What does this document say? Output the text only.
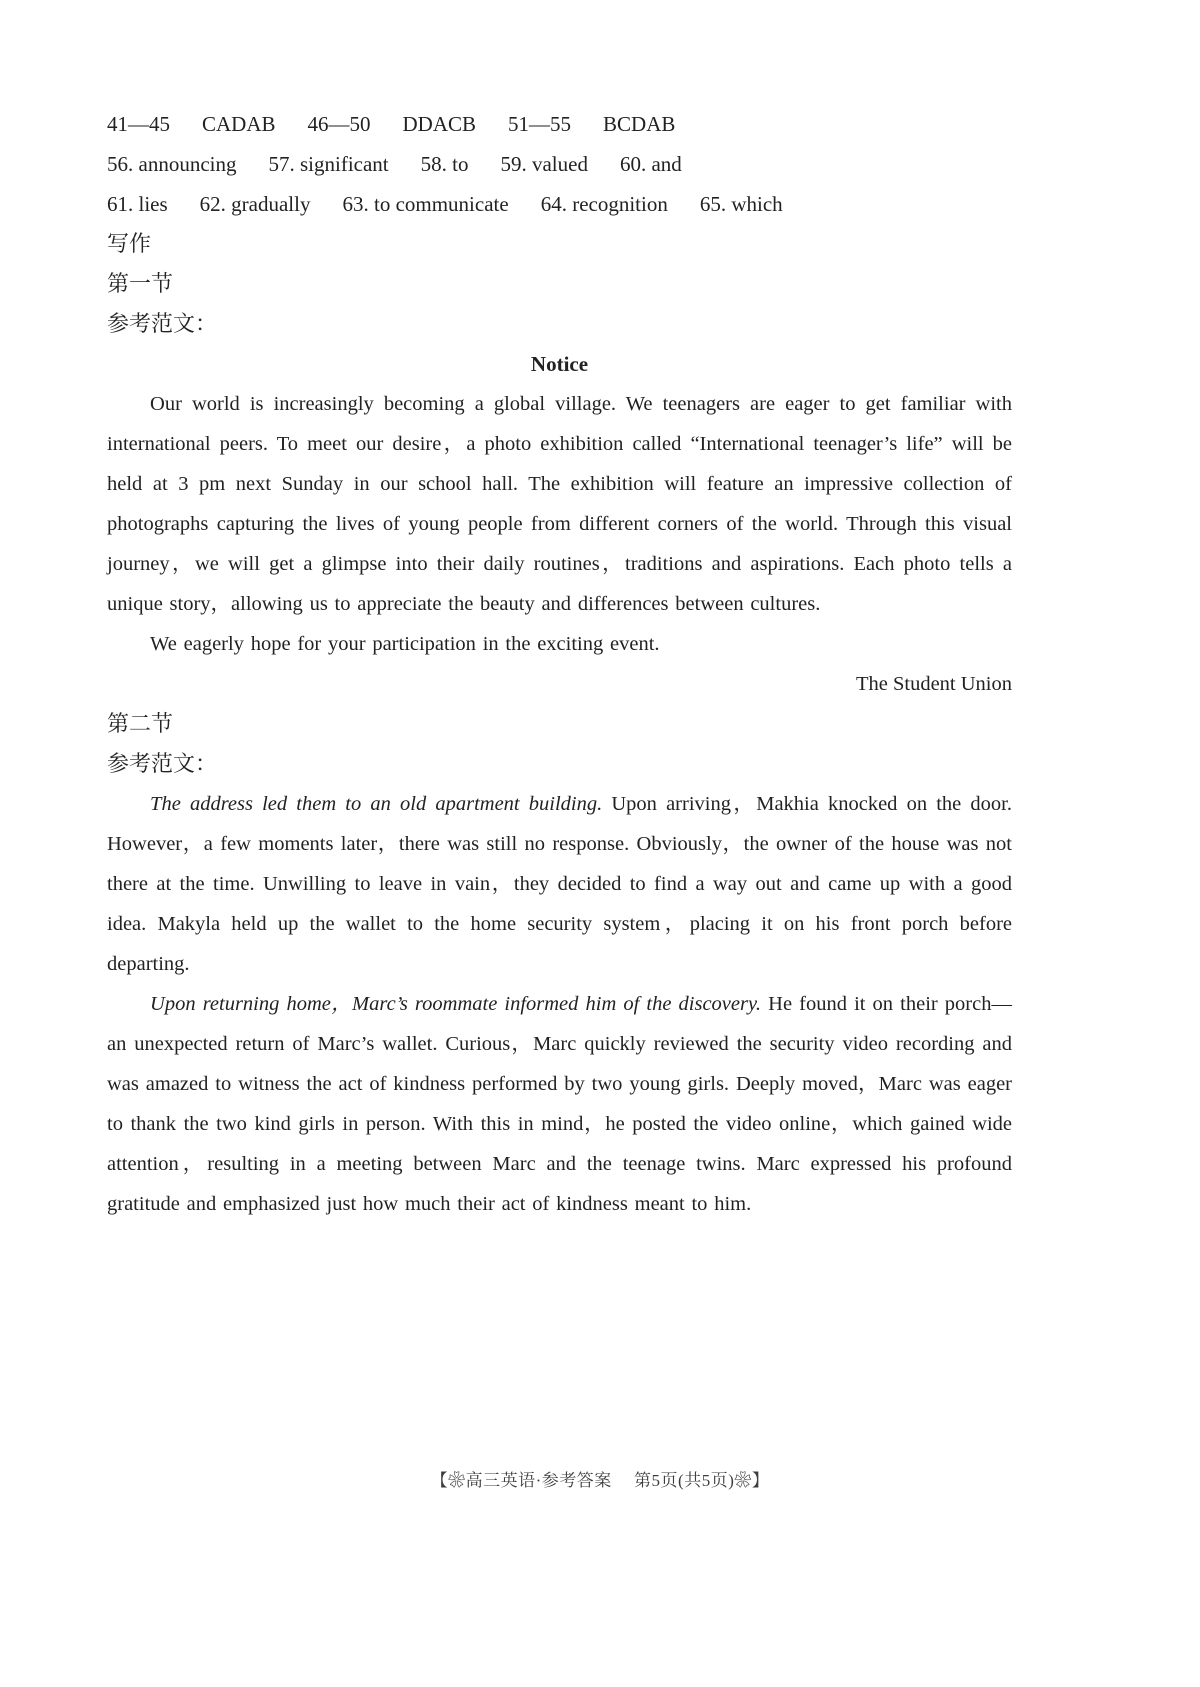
41—45 CADAB 46—50 DDACB 51—55 BCDAB
56. announcing 57. significant 58. to 59. valued 60. and
61. lies 62. gradually 63. to communicate 64. recognition 65. which
写作
第一节
参考范文：
Notice

Our world is increasingly becoming a global village. We teenagers are eager to get familiar with international peers. To meet our desire，a photo exhibition called “International teenager’s life” will be held at 3 pm next Sunday in our school hall. The exhibition will feature an impressive collection of photographs capturing the lives of young people from different corners of the world. Through this visual journey，we will get a glimpse into their daily routines，traditions and aspirations. Each photo tells a unique story，allowing us to appreciate the beauty and differences between cultures.

We eagerly hope for your participation in the exciting event.

The Student Union
第二节
参考范文：

The address led them to an old apartment building. Upon arriving，Makhia knocked on the door. However，a few moments later，there was still no response. Obviously，the owner of the house was not there at the time. Unwilling to leave in vain，they decided to find a way out and came up with a good idea. Makyla held up the wallet to the home security system，placing it on his front porch before departing.

Upon returning home，Marc’s roommate informed him of the discovery. He found it on their porch—an unexpected return of Marc’s wallet. Curious，Marc quickly reviewed the security video recording and was amazed to witness the act of kindness performed by two young girls. Deeply moved，Marc was eager to thank the two kind girls in person. With this in mind，he posted the video online，which gained wide attention，resulting in a meeting between Marc and the teenage twins. Marc expressed his profound gratitude and emphasized just how much their act of kindness meant to him.

【❀高三英语·参考答案　 第5页(共5页)❀】
